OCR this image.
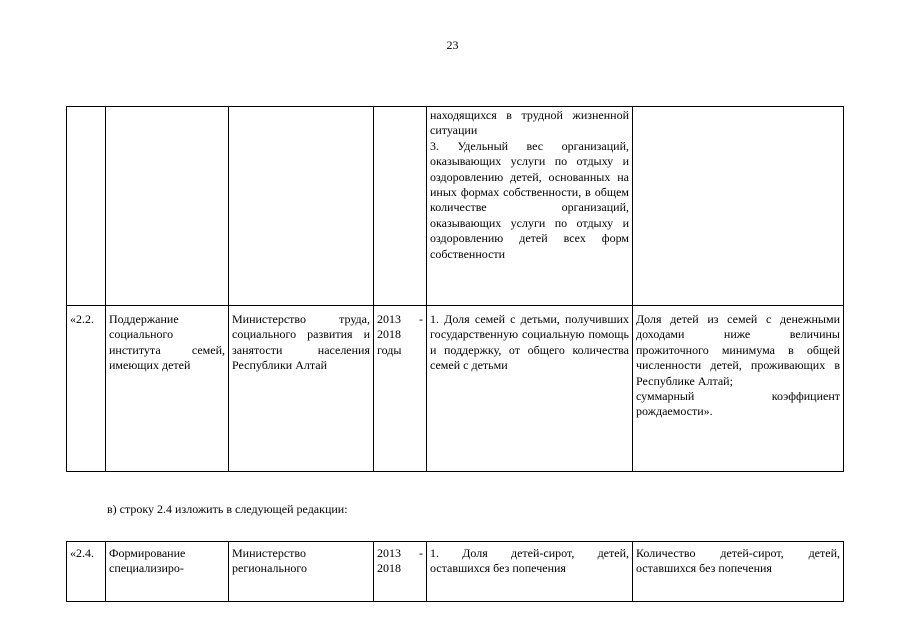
23

				находящихся в трудной жизненной ситуации
3. Удельный вес организаций, оказывающих услуги по отдыху и оздоровлению детей, основанных на иных формах собственности, в общем количестве организаций, оказывающих услуги по отдыху и оздоровлению детей всех форм собственности	

«2.2.	Поддержание социального института семей, имеющих детей	Министерство труда, социального развития и занятости населения Республики Алтай	2013 - 2018 годы	1. Доля семей с детьми, получивших государственную социальную помощь и поддержку, от общего количества семей с детьми	Доля детей из семей с денежными доходами ниже величины прожиточного минимума в общей численности детей, проживающих в Республике Алтай;
суммарный коэффициент рождаемости».
в) строку 2.4 изложить в следующей редакции:
«2.4.	Формирование специализиро-	Министерство регионального	2013 - 2018	1. Доля детей-сирот, детей, оставшихся без попечения	Количество детей-сирот, детей, оставшихся без попечения
